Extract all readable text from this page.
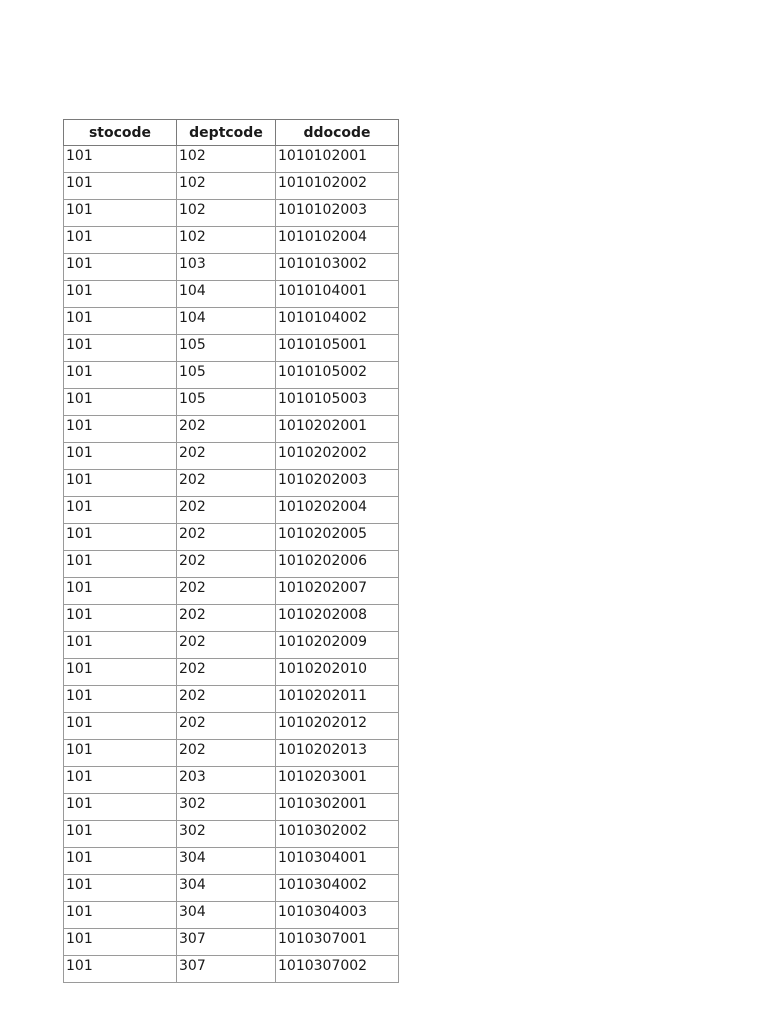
stocode	deptcode	ddocode
101	102	1010102001
101	102	1010102002
101	102	1010102003
101	102	1010102004
101	103	1010103002
101	104	1010104001
101	104	1010104002
101	105	1010105001
101	105	1010105002
101	105	1010105003
101	202	1010202001
101	202	1010202002
101	202	1010202003
101	202	1010202004
101	202	1010202005
101	202	1010202006
101	202	1010202007
101	202	1010202008
101	202	1010202009
101	202	1010202010
101	202	1010202011
101	202	1010202012
101	202	1010202013
101	203	1010203001
101	302	1010302001
101	302	1010302002
101	304	1010304001
101	304	1010304002
101	304	1010304003
101	307	1010307001
101	307	1010307002
